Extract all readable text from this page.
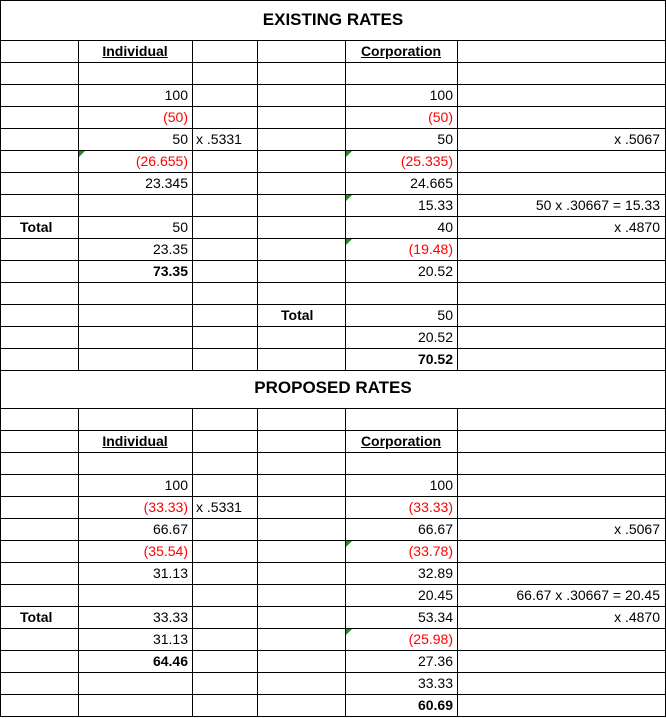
EXISTING RATES
Individual	Corporation
100
(50)
50
(26.655)
23.345
50
23.35
73.35
x .5331
Total
100
(50)
50
(25.335)
24.665
15.33
40
(19.48)
20.52
50
20.52
70.52
Total
x .5067
50 x .30667 = 15.33
x .4870
PROPOSED RATES
Individual	Corporation
100
(33.33)
66.67
(35.54)
31.13
33.33
31.13
64.46
x .5331
Total
100
(33.33)
66.67
(33.78)
32.89
20.45
53.34
(25.98)
27.36
33.33
60.69
x .5067
66.67 x .30667 = 20.45
x .4870
